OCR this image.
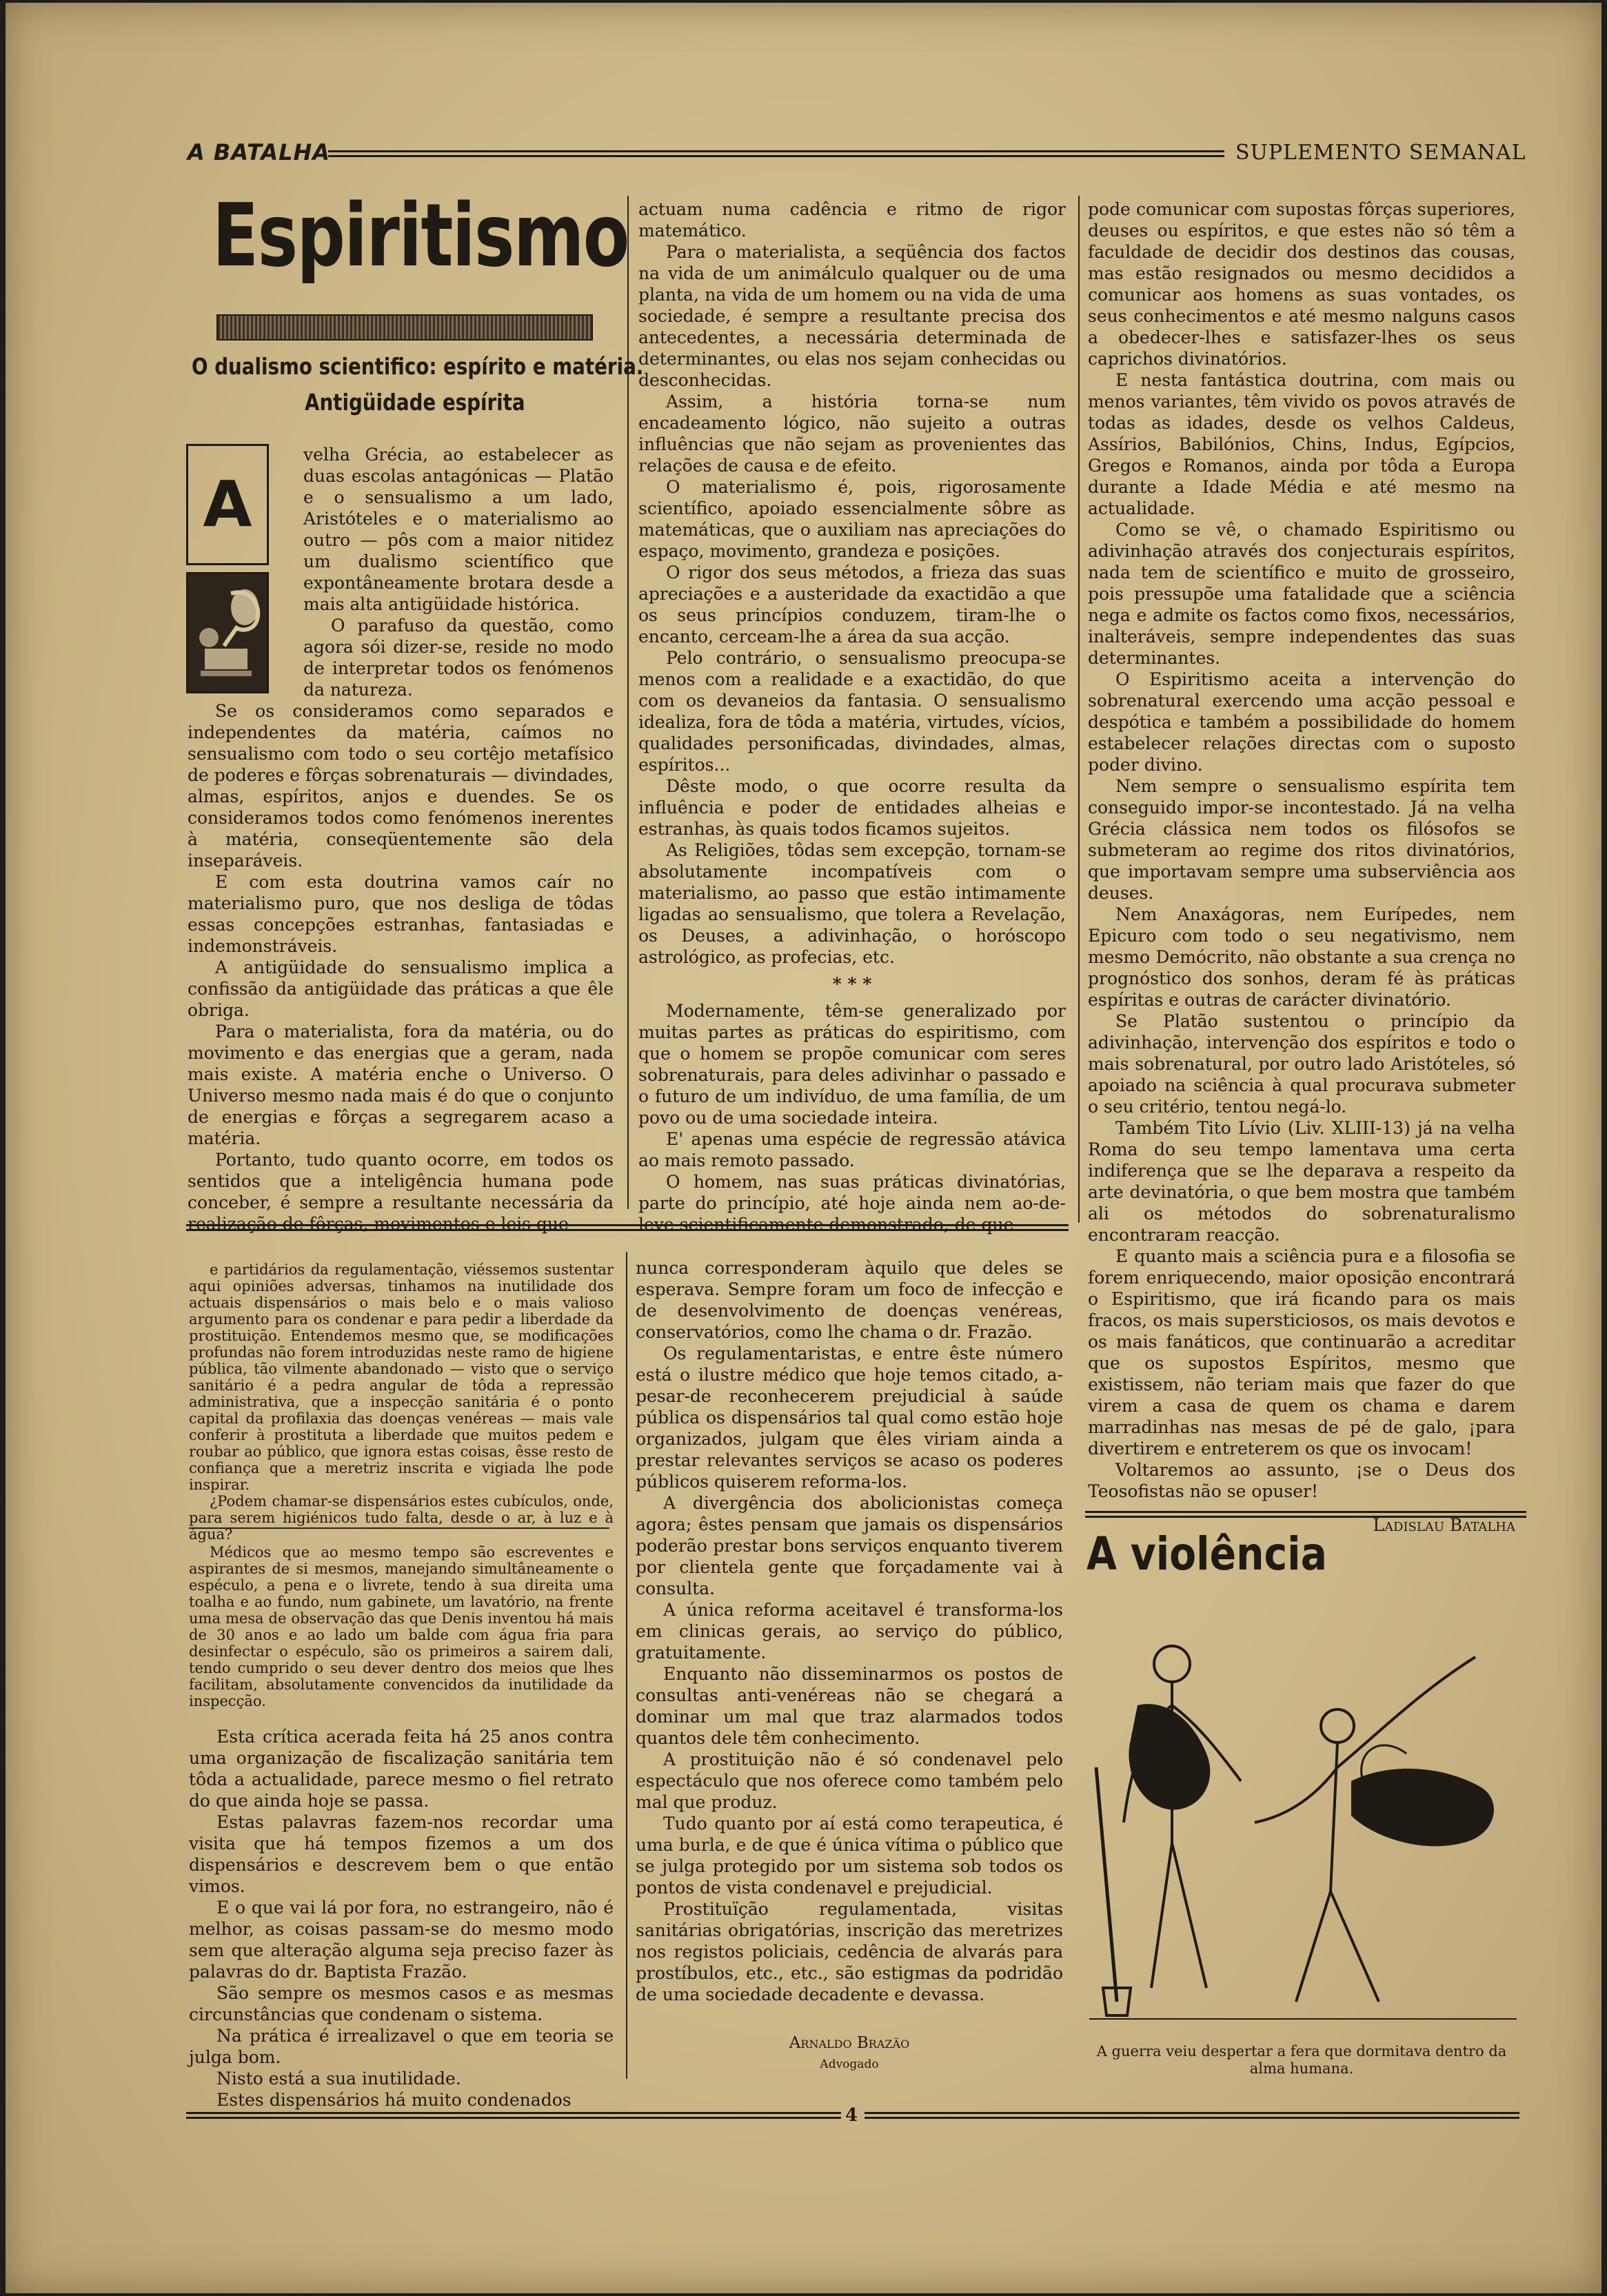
A BATALHA	SUPLEMENTO SEMANAL
Espiritismo
O dualismo scientifico: espírito e matéria.
Antigüidade espírita
A

velha Grécia, ao estabelecer as duas escolas antagónicas — Platão e o sensualismo a um lado, Aristóteles e o materialismo ao outro — pôs com a maior nitidez um dualismo scientífico que expontâneamente brotara desde a mais alta antigüidade histórica.

O parafuso da questão, como agora sói dizer-se, reside no modo de interpretar todos os fenómenos da natureza.

Se os consideramos como separados e independentes da matéria, caímos no sensualismo com todo o seu cortêjo metafísico de poderes e fôrças sobrenaturais — divindades, almas, espíritos, anjos e duendes. Se os consideramos todos como fenómenos inerentes à matéria, conseqüentemente são dela inseparáveis.

E com esta doutrina vamos caír no materialismo puro, que nos desliga de tôdas essas concepções estranhas, fantasiadas e indemonstráveis.

A antigüidade do sensualismo implica a confissão da antigüidade das práticas a que êle obriga.

Para o materialista, fora da matéria, ou do movimento e das energias que a geram, nada mais existe. A matéria enche o Universo. O Universo mesmo nada mais é do que o conjunto de energias e fôrças a segregarem acaso a matéria.

Portanto, tudo quanto ocorre, em todos os sentidos que a inteligência humana pode conceber, é sempre a resultante necessária da realização de fôrças, movimentos e leis que

actuam numa cadência e ritmo de rigor matemático.

Para o materialista, a seqüência dos factos na vida de um animálculo qualquer ou de uma planta, na vida de um homem ou na vida de uma sociedade, é sempre a resultante precisa dos antecedentes, a necessária determinada de determinantes, ou elas nos sejam conhecidas ou desconhecidas.

Assim, a história torna-se num encadeamento lógico, não sujeito a outras influências que não sejam as provenientes das relações de causa e de efeito.

O materialismo é, pois, rigorosamente scientífico, apoiado essencialmente sôbre as matemáticas, que o auxiliam nas apreciações do espaço, movimento, grandeza e posições.

O rigor dos seus métodos, a frieza das suas apreciações e a austeridade da exactidão a que os seus princípios conduzem, tiram-lhe o encanto, cerceam-lhe a área da sua acção.

Pelo contrário, o sensualismo preocupa-se menos com a realidade e a exactidão, do que com os devaneios da fantasia. O sensualismo idealiza, fora de tôda a matéria, virtudes, vícios, qualidades personificadas, divindades, almas, espíritos...

Dêste modo, o que ocorre resulta da influência e poder de entidades alheias e estranhas, às quais todos ficamos sujeitos.

As Religiões, tôdas sem excepção, tornam-se absolutamente incompatíveis com o materialismo, ao passo que estão intimamente ligadas ao sensualismo, que tolera a Revelação, os Deuses, a adivinhação, o horóscopo astrológico, as profecias, etc.

* * *

Modernamente, têm-se generalizado por muitas partes as práticas do espiritismo, com que o homem se propõe comunicar com seres sobrenaturais, para deles adivinhar o passado e o futuro de um indivíduo, de uma família, de um povo ou de uma sociedade inteira.

E' apenas uma espécie de regressão atávica ao mais remoto passado.

O homem, nas suas práticas divinatórias, parte do princípio, até hoje ainda nem ao-de-leve scientificamente demonstrado, de que

pode comunicar com supostas fôrças superiores, deuses ou espíritos, e que estes não só têm a faculdade de decidir dos destinos das cousas, mas estão resignados ou mesmo decididos a comunicar aos homens as suas vontades, os seus conhecimentos e até mesmo nalguns casos a obedecer-lhes e satisfazer-lhes os seus caprichos divinatórios.

E nesta fantástica doutrina, com mais ou menos variantes, têm vivido os povos através de todas as idades, desde os velhos Caldeus, Assírios, Babilónios, Chins, Indus, Egípcios, Gregos e Romanos, ainda por tôda a Europa durante a Idade Média e até mesmo na actualidade.

Como se vê, o chamado Espiritismo ou adivinhação através dos conjecturais espíritos, nada tem de scientífico e muito de grosseiro, pois pressupõe uma fatalidade que a sciência nega e admite os factos como fixos, necessários, inalteráveis, sempre independentes das suas determinantes.

O Espiritismo aceita a intervenção do sobrenatural exercendo uma acção pessoal e despótica e também a possibilidade do homem estabelecer relações directas com o suposto poder divino.

Nem sempre o sensualismo espírita tem conseguido impor-se incontestado. Já na velha Grécia clássica nem todos os filósofos se submeteram ao regime dos ritos divinatórios, que importavam sempre uma subserviência aos deuses.

Nem Anaxágoras, nem Eurípedes, nem Epicuro com todo o seu negativismo, nem mesmo Demócrito, não obstante a sua crença no prognóstico dos sonhos, deram fé às práticas espíritas e outras de carácter divinatório.

Se Platão sustentou o princípio da adivinhação, intervenção dos espíritos e todo o mais sobrenatural, por outro lado Aristóteles, só apoiado na sciência à qual procurava submeter o seu critério, tentou negá-lo.

Também Tito Lívio (Liv. XLIII-13) já na velha Roma do seu tempo lamentava uma certa indiferença que se lhe deparava a respeito da arte devinatória, o que bem mostra que também ali os métodos do sobrenaturalismo encontraram reacção.

E quanto mais a sciência pura e a filosofia se forem enriquecendo, maior oposição encontrará o Espiritismo, que irá ficando para os mais fracos, os mais supersticiosos, os mais devotos e os mais fanáticos, que continuarão a acreditar que os supostos Espíritos, mesmo que existissem, não teriam mais que fazer do que virem a casa de quem os chama e darem marradinhas nas mesas de pé de galo, ¡para divertirem e entreterem os que os invocam!

Voltaremos ao assunto, ¡se o Deus dos Teosofistas não se opuser!

Ladislau Batalha

e partidários da regulamentação, viéssemos sustentar aqui opiniões adversas, tinhamos na inutilidade dos actuais dispensários o mais belo e o mais valioso argumento para os condenar e para pedir a liberdade da prostituição. Entendemos mesmo que, se modificações profundas não forem introduzidas neste ramo de higiene pública, tão vilmente abandonado — visto que o serviço sanitário é a pedra angular de tôda a repressão administrativa, que a inspecção sanitária é o ponto capital da profilaxia das doenças venéreas — mais vale conferir à prostituta a liberdade que muitos pedem e roubar ao público, que ignora estas coisas, êsse resto de confiança que a meretriz inscrita e vigiada lhe pode inspirar.

¿Podem chamar-se dispensários estes cubículos, onde, para serem higiénicos tudo falta, desde o ar, à luz e à água?

Médicos que ao mesmo tempo são escreventes e aspirantes de si mesmos, manejando simultâneamente o espéculo, a pena e o livrete, tendo à sua direita uma toalha e ao fundo, num gabinete, um lavatório, na frente uma mesa de observação das que Denis inventou há mais de 30 anos e ao lado um balde com água fria para desinfectar o espéculo, são os primeiros a sairem dali, tendo cumprido o seu dever dentro dos meios que lhes facilitam, absolutamente convencidos da inutilidade da inspecção.

Esta crítica acerada feita há 25 anos contra uma organização de fiscalização sanitária tem tôda a actualidade, parece mesmo o fiel retrato do que ainda hoje se passa.

Estas palavras fazem-nos recordar uma visita que há tempos fizemos a um dos dispensários e descrevem bem o que então vimos.

E o que vai lá por fora, no estrangeiro, não é melhor, as coisas passam-se do mesmo modo sem que alteração alguma seja preciso fazer às palavras do dr. Baptista Frazão.

São sempre os mesmos casos e as mesmas circunstâncias que condenam o sistema.

Na prática é irrealizavel o que em teoria se julga bom.

Nisto está a sua inutilidade.

Estes dispensários há muito condenados

nunca corresponderam àquilo que deles se esperava. Sempre foram um foco de infecção e de desenvolvimento de doenças venéreas, conservatórios, como lhe chama o dr. Frazão.

Os regulamentaristas, e entre êste número está o ilustre médico que hoje temos citado, a-pesar-de reconhecerem prejudicial à saúde pública os dispensários tal qual como estão hoje organizados, julgam que êles viriam ainda a prestar relevantes serviços se acaso os poderes públicos quiserem reforma-los.

A divergência dos abolicionistas começa agora; êstes pensam que jamais os dispensários poderão prestar bons serviços enquanto tiverem por clientela gente que forçadamente vai à consulta.

A única reforma aceitavel é transforma-los em clinicas gerais, ao serviço do público, gratuitamente.

Enquanto não disseminarmos os postos de consultas anti-venéreas não se chegará a dominar um mal que traz alarmados todos quantos dele têm conhecimento.

A prostituição não é só condenavel pelo espectáculo que nos oferece como também pelo mal que produz.

Tudo quanto por aí está como terapeutica, é uma burla, e de que é única vítima o público que se julga protegido por um sistema sob todos os pontos de vista condenavel e prejudicial.

Prostituïção regulamentada, visitas sanitárias obrigatórias, inscrição das meretrizes nos registos policiais, cedência de alvarás para prostíbulos, etc., etc., são estigmas da podridão de uma sociedade decadente e devassa.

Arnaldo Brazão

Advogado

A violência
A guerra veiu despertar a fera que dormitava dentro da alma humana.
4
